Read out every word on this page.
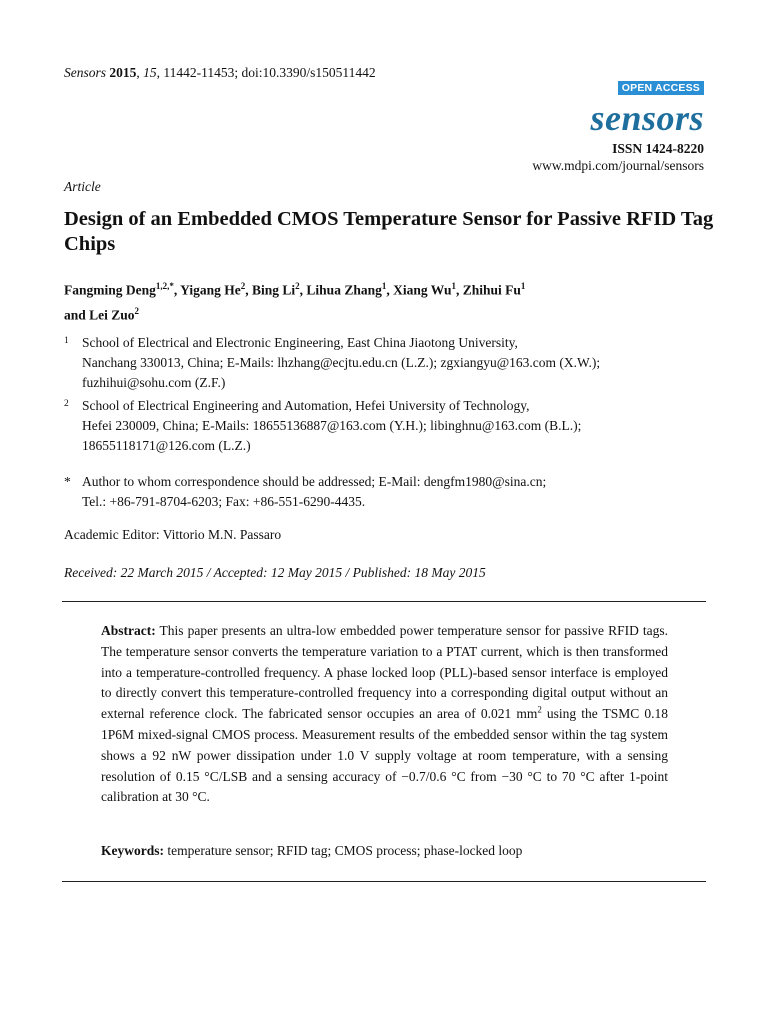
Sensors 2015, 15, 11442-11453; doi:10.3390/s150511442
OPEN ACCESS
sensors
ISSN 1424-8220
www.mdpi.com/journal/sensors
Article
Design of an Embedded CMOS Temperature Sensor for Passive RFID Tag Chips
Fangming Deng$^{1,2,*}$, Yigang He$^2$, Bing Li$^2$, Lihua Zhang$^1$, Xiang Wu$^1$, Zhihui Fu$^1$
and Lei Zuo$^2$
1 School of Electrical and Electronic Engineering, East China Jiaotong University,
Nanchang 330013, China; E-Mails: lhzhang@ecjtu.edu.cn (L.Z.); zgxiangyu@163.com (X.W.);
fuzhihui@sohu.com (Z.F.)
2 School of Electrical Engineering and Automation, Hefei University of Technology,
Hefei 230009, China; E-Mails: 18655136887@163.com (Y.H.); libinghnu@163.com (B.L.);
18655118171@126.com (L.Z.)
* Author to whom correspondence should be addressed; E-Mail: dengfm1980@sina.cn;
Tel.: +86-791-8704-6203; Fax: +86-551-6290-4435.
Academic Editor: Vittorio M.N. Passaro
Received: 22 March 2015 / Accepted: 12 May 2015 / Published: 18 May 2015
Abstract: This paper presents an ultra-low embedded power temperature sensor for passive RFID tags. The temperature sensor converts the temperature variation to a PTAT current, which is then transformed into a temperature-controlled frequency. A phase locked loop (PLL)-based sensor interface is employed to directly convert this temperature-controlled frequency into a corresponding digital output without an external reference clock. The fabricated sensor occupies an area of 0.021 $mm^2$ using the TSMC 0.18 1P6M mixed-signal CMOS process. Measurement results of the embedded sensor within the tag system shows a 92 nW power dissipation under 1.0 V supply voltage at room temperature, with a sensing resolution of 0.15 °C/LSB and a sensing accuracy of −0.7/0.6 °C from −30 °C to 70 °C after 1-point calibration at 30 °C.
Keywords: temperature sensor; RFID tag; CMOS process; phase-locked loop
